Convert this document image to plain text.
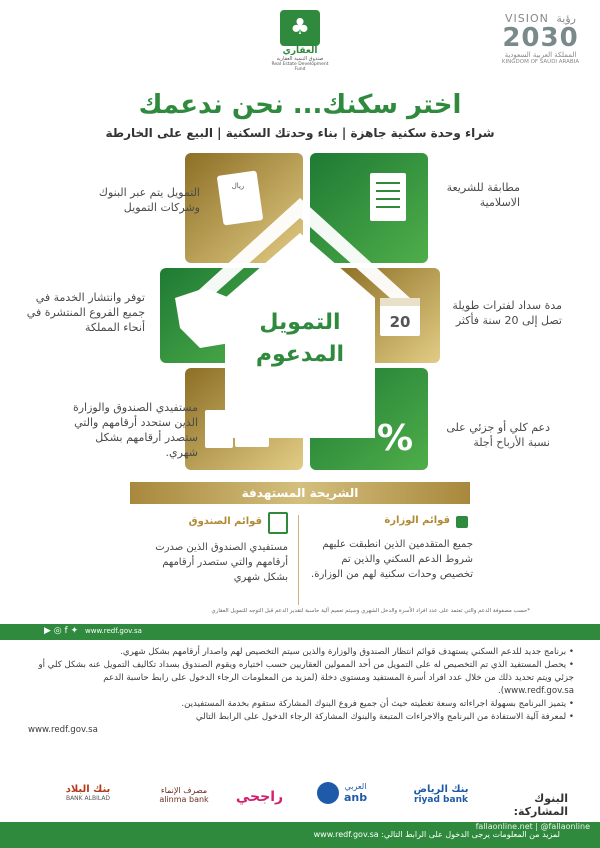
♣
العقاري
صندوق التنمية العقارية
Real Estate Development Fund
VISION رؤية
2030
المملكة العربية السعودية
KINGDOM OF SAUDI ARABIA
اختر سكنك... نحن ندعمك
شراء وحدة سكنية جاهزة | بناء وحدتك السكنية | البيع على الخارطة
20
%
ريال
التمويل
المدعوم
مطابقة للشريعة الاسلامية
التمويل يتم عبر البنوك وشركات التمويل
توفر وانتشار الخدمة في جميع الفروع المنتشرة في أنحاء المملكة
مدة سداد لفترات طويلة تصل إلى 20 سنة فأكثر
مستفيدي الصندوق والوزارة الذين ستحدد أرقامهم والتي ستصدر أرقامهم بشكل شهري.
دعم كلي أو جزئي على نسبة الأرباح أجلة
الشريحة المستهدفة
قوائم الوزارة
جميع المتقدمين الذين انطبقت عليهم شروط الدعم السكني والذين تم تخصيص وحدات سكنية لهم من الوزارة.
قوائم الصندوق
مستفيدي الصندوق الذين صدرت أرقامهم والتي ستصدر أرقامهم بشكل شهري
*حسب مصفوفة الدعم والتي تعتمد على عدد افراد الأسرة والدخل الشهري وسيتم تعميم آلية حاسبة لتقدير الدعم قبل التوجه للتمويل العقاري
▶ ◎ f ✦ www.redf.gov.sa

• برنامج جديد للدعم السكني يستهدف قوائم انتظار الصندوق والوزارة والذين سيتم التخصيص لهم واصدار أرقامهم بشكل شهري.

• يحصل المستفيد الذي تم التخصيص له على التمويل من أحد الممولين العقاريين حسب اختياره ويقوم الصندوق بسداد تكاليف التمويل عنه بشكل كلي أو جزئي ويتم تحديد ذلك من خلال عدد افراد أسرة المستفيد ومستوى دخلة (لمزيد من المعلومات الرجاء الدخول على رابط حاسبة الدعم www.redf.gov.sa).

• يتميز البرنامج بسهولة اجراءاته وسعة تغطيته حيث أن جميع فروع البنوك المشاركة ستقوم بخدمة المستفيدين.

• لمعرفة آلية الاستفادة من البرنامج والاجراءات المتبعة والبنوك المشاركة الرجاء الدخول على الرابط التالي

www.redf.gov.sa

البنوك المشاركة:
بنك الرياض
riyad bank

العربي
anb
راجحي
مصرف الإنماء
alinma bank
بنك البلاد
BANK ALBILAD
لمزيد من المعلومات يرجى الدخول على الرابط التالي: www.redf.gov.sa
fallaonline.net | @fallaonline
